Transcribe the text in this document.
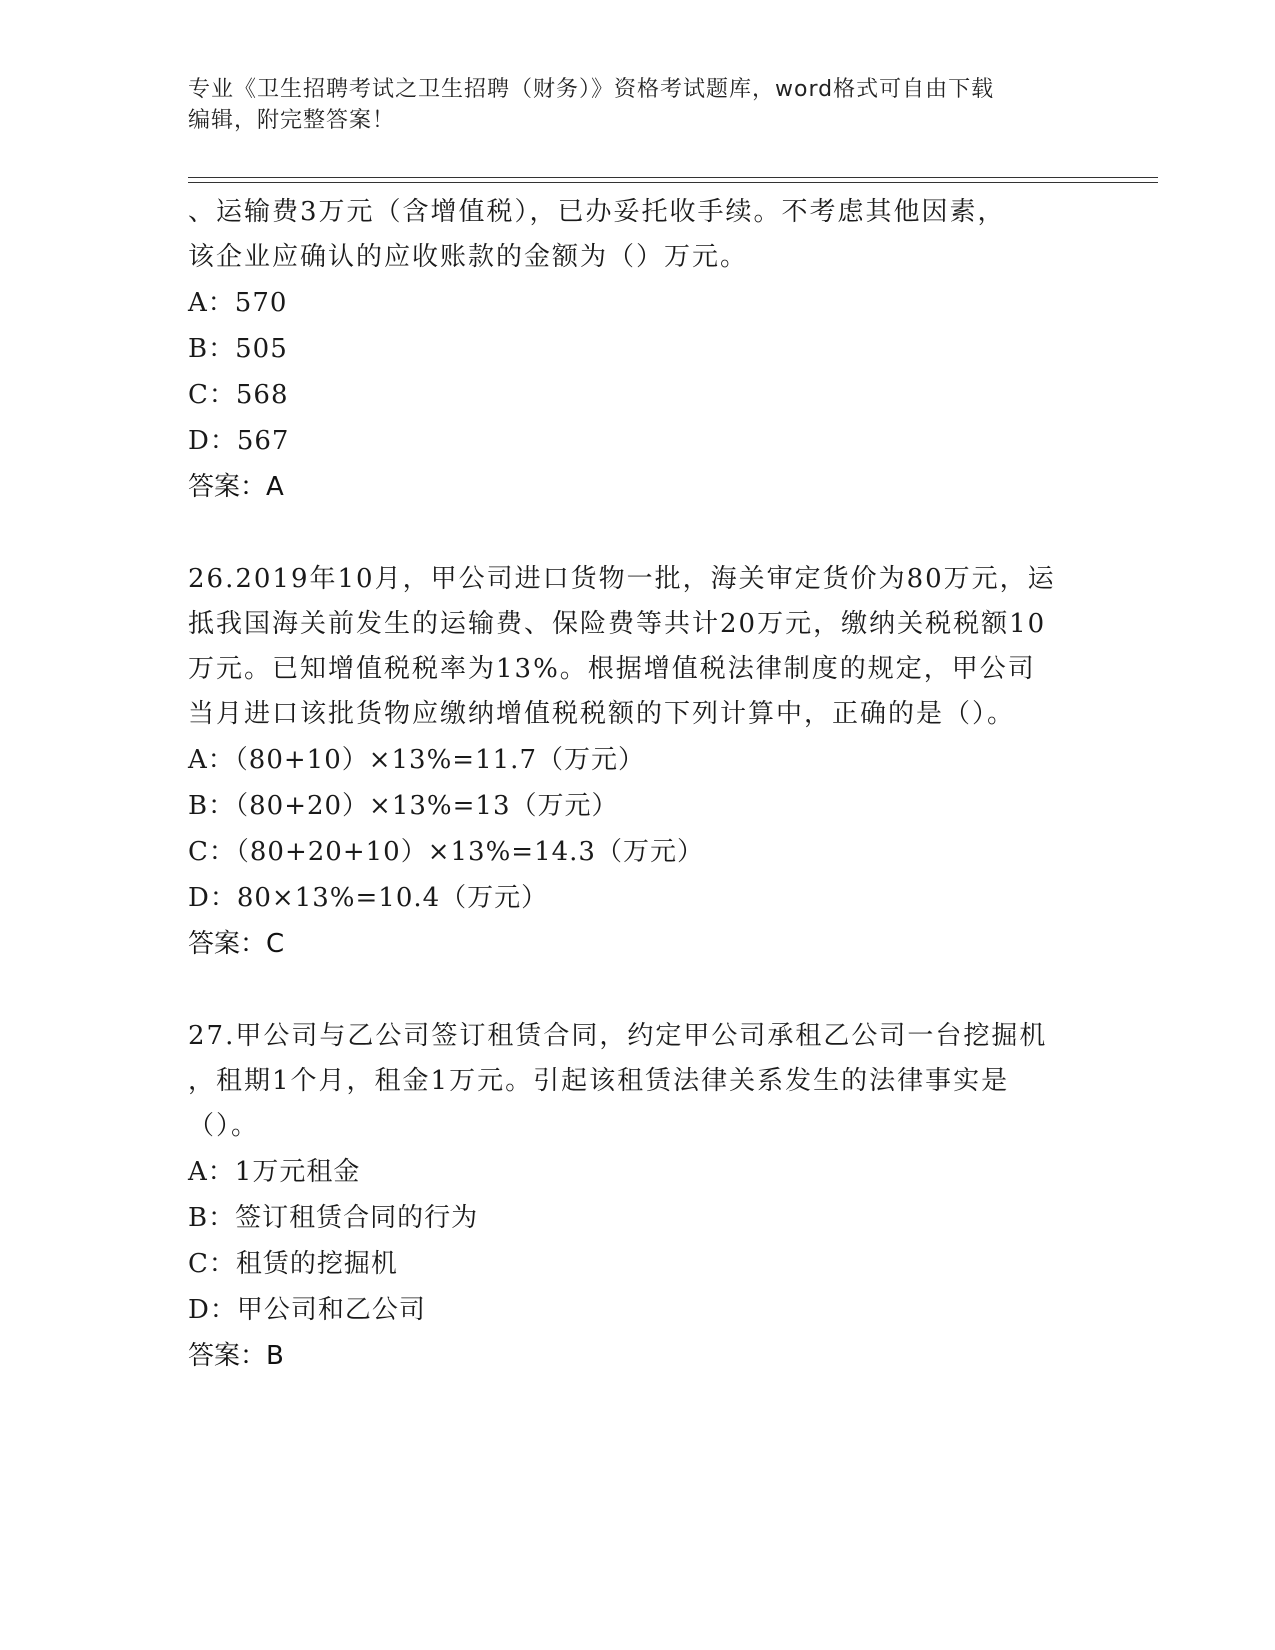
专业《卫生招聘考试之卫生招聘（财务）》资格考试题库，word格式可自由下载
编辑，附完整答案！

、运输费3万元（含增值税），已办妥托收手续。不考虑其他因素，

该企业应确认的应收账款的金额为（）万元。

A：570

B：505

C：568

D：567

答案：A

26.2019年10月，甲公司进口货物一批，海关审定货价为80万元，运

抵我国海关前发生的运输费、保险费等共计20万元，缴纳关税税额10

万元。已知增值税税率为13%。根据增值税法律制度的规定，甲公司

当月进口该批货物应缴纳增值税税额的下列计算中，正确的是（）。

A：（80+10）×13%=11.7（万元）

B：（80+20）×13%=13（万元）

C：（80+20+10）×13%=14.3（万元）

D：80×13%=10.4（万元）

答案：C

27.甲公司与乙公司签订租赁合同，约定甲公司承租乙公司一台挖掘机

，租期1个月，租金1万元。引起该租赁法律关系发生的法律事实是

（）。

A：1万元租金

B：签订租赁合同的行为

C：租赁的挖掘机

D：甲公司和乙公司

答案：B
